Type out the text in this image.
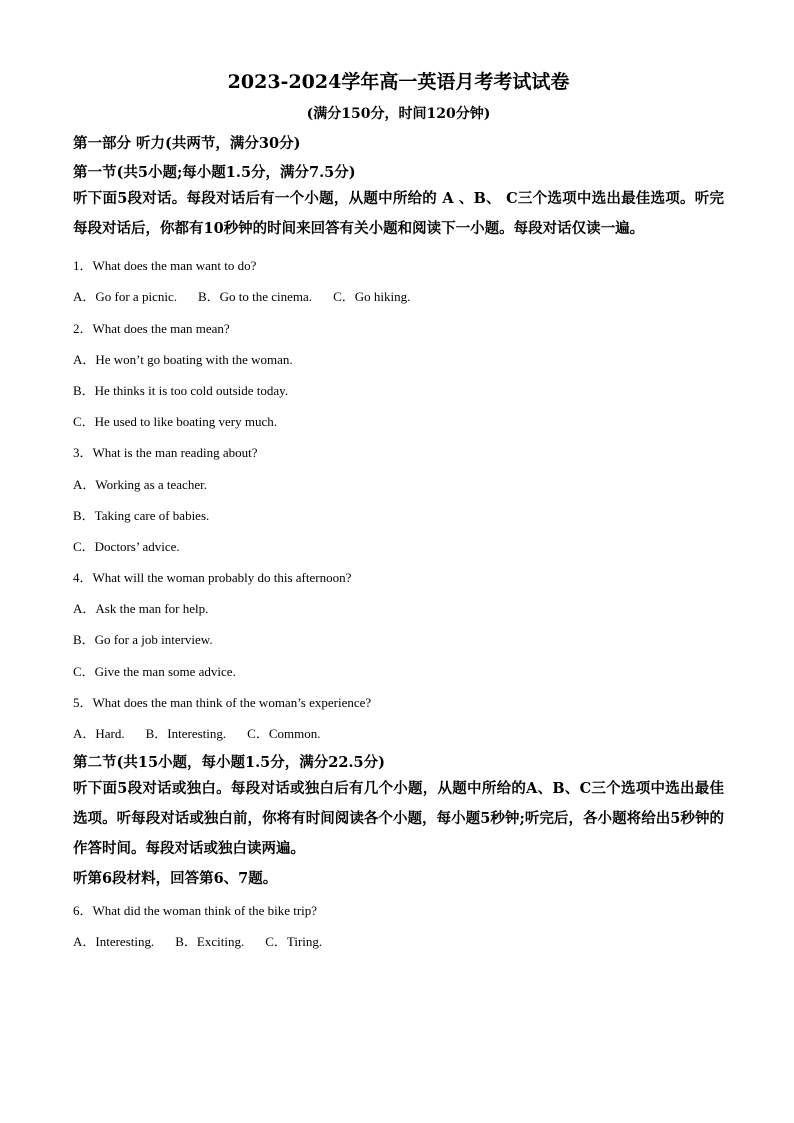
2023-2024学年高一英语月考考试试卷
(满分150分，时间120分钟)
第一部分 听力(共两节，满分30分)
第一节(共5小题;每小题1.5分，满分7.5分)
听下面5段对话。每段对话后有一个小题，从题中所给的 A 、B、 C三个选项中选出最佳选项。听完每段对话后，你都有10秒钟的时间来回答有关小题和阅读下一小题。每段对话仅读一遍。
1．What does the man want to do?
A．Go for a picnic. B．Go to the cinema. C．Go hiking.
2．What does the man mean?
A．He won’t go boating with the woman.
B．He thinks it is too cold outside today.
C．He used to like boating very much.
3．What is the man reading about?
A．Working as a teacher.
B．Taking care of babies.
C．Doctors’ advice.
4．What will the woman probably do this afternoon?
A．Ask the man for help.
B．Go for a job interview.
C．Give the man some advice.
5．What does the man think of the woman’s experience?
A．Hard. B．Interesting. C．Common.
第二节(共15小题，每小题1.5分，满分22.5分)
听下面5段对话或独白。每段对话或独白后有几个小题，从题中所给的A、B、C三个选项中选出最佳选项。听每段对话或独白前，你将有时间阅读各个小题，每小题5秒钟;听完后，各小题将给出5秒钟的作答时间。每段对话或独白读两遍。
听第6段材料，回答第6、7题。
6．What did the woman think of the bike trip?
A．Interesting. B．Exciting. C．Tiring.
